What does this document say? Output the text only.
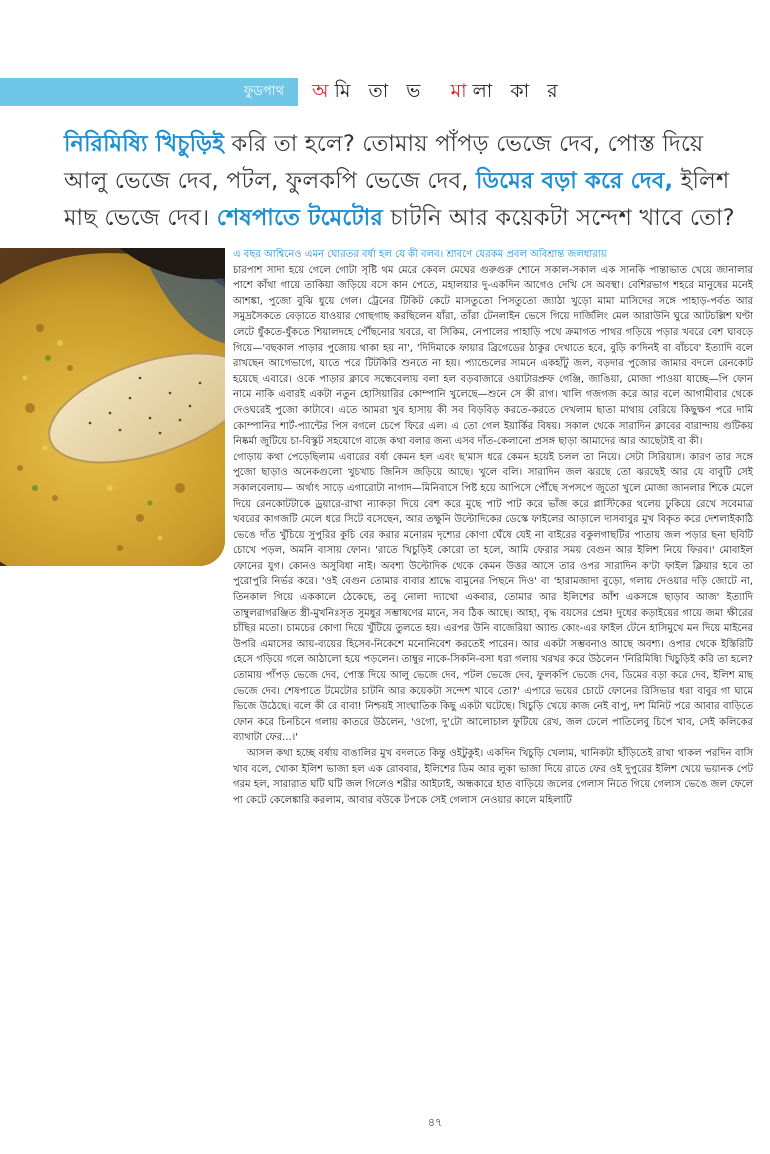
ফুডপাথ	অমি তা ভ মালা কা র
নিরিমিষ্যি খিচুড়িই করি তা হলে? তোমায় পাঁপড় ভেজে দেব, পোস্ত দিয়ে আলু ভেজে দেব, পটল, ফুলকপি ভেজে দেব, ডিমের বড়া করে দেব, ইলিশ মাছ ভেজে দেব। শেষপাতে টমেটোর চাটনি আর কয়েকটা সন্দেশ খাবে তো?

এ বছর আশ্বিনেও এমন ঘোরতর বর্ষা হল যে কী বলব। শ্রাবণে যেরকম প্রবল অবিশ্রান্ত জলধারায়

চারপাশ সাদা হয়ে গেলে গোটা সৃষ্টি থম মেরে কেবল মেঘের গুরুগুরু শোনে সকাল-সকাল এক সানকি পান্তাভাত খেয়ে জানালার পাশে কাঁথা গায়ে তাকিয়া জড়িয়ে বসে কান পেতে, মহালয়ার দু-একদিন আগেও দেখি সে অবস্থা। বেশিরভাগ শহরে মানুষের মনেই আশঙ্কা, পুজো বুঝি ধুয়ে গেল। ট্রেনের টিকিট কেটে মাসতুতো পিসতুতো জ্যাঠা খুড়ো মামা মাসিদের সঙ্গে পাহাড়-পর্বত আর সমুদ্রসৈকতে বেড়াতে যাওয়ার গোছগাছ করছিলেন যাঁরা, তাঁরা টেনলাইন ভেসে গিয়ে দার্জিলিং মেল আরাউনি ঘুরে আটচল্লিশ ঘণ্টা লেটে ধুঁকতে-ধুঁকতে শিয়ালদহে পৌঁছনোর খবরে, বা সিকিম, নেপালের পাহাড়ি পথে ক্রমাগত পাথর গড়িয়ে পড়ার খবরে বেশ ঘাবড়ে গিয়ে—'বছকাল পাড়ার পুজোয় থাকা হয় না', 'দিদিমাকে ফায়ার ব্রিগেডের ঠাকুর দেখাতে হবে, বুড়ি ক'দিনই বা বাঁচবে' ইত্যাদি বলে রাখছেন আগেভাগে, যাতে পরে টিটকিরি শুনতে না হয়। প্যান্ডেলের সামনে একহাঁটু জল, বড়দার পুজোর জামার বদলে রেনকোট হয়েছে এবারে। ওকে পাড়ার ক্লাবে সন্ধেবেলায় বলা হল বড়বাজারে ওয়াটারপ্রুফ গেঞ্জি, জাঙিয়া, মোজা পাওয়া যাচ্ছে—পি ফোন নামে নাকি এবারই একটা নতুন হোসিয়ারির কোম্পানি খুলেছে—শুনে সে কী রাগ। খালি গজগজ করে আর বলে আগামীবার থেকে দেওঘরেই পুজো কাটাবে। এতে আমরা খুব হাসায় কী সব বিড়বিড় করতে-করতে দেখলাম ছাতা মাথায় বেরিয়ে কিছুক্ষণ পরে দামি কোম্পানির শার্ট-প্যান্টের পিস বগলে চেপে ফিরে এল। এ তো গেল ইয়ার্কির বিষয়। সকাল থেকে সারাদিন ক্লাবের বারান্দায় গুটিকয় নিষ্কর্মা জুটিয়ে চা-বিস্কুট সহযোগে বাজে কথা বলার জন্য এসব দাঁত-কেলানো প্রসঙ্গ ছাড়া আমাদের আর আছেটাই বা কী।

গোড়ায় কথা পেড়েছিলাম এবারের বর্ষা কেমন হল এবং ছ'মাস ধরে কেমন হয়েই চলল তা নিয়ে। সেটা সিরিয়াস। কারণ তার সঙ্গে পুজো ছাড়াও অনেকগুলো খুচখাচ জিনিস জড়িয়ে আছে। খুলে বলি। সারাদিন জল ঝরছে তো ঝরছেই আর যে বাবুটি সেই সকালবেলায়— অর্থাৎ সাড়ে এগারোটা নাগাদ—মিনিবাসে পিষ্ট হয়ে আপিসে পৌঁছে সপসপে জুতো খুলে মোজা জানলার শিকে মেলে দিয়ে রেনকোটটাকে ড্রয়ারে-রাখা ন্যাকড়া দিয়ে বেশ করে মুছে পাট পাট করে ভাঁজ করে প্লাস্টিকের থলেয় ঢুকিয়ে রেখে সবেমাত্র খবরের কাগজটি মেলে ধরে সিটে বসেছেন, আর তক্ষুনি উল্টোদিকের ডেস্কে ফাইলের আড়ালে দাসবাবুর মুখ বিকৃত করে দেশলাইকাঠি ভেঙে দাঁত খুঁচিয়ে সুপুরির কুচি বের করার মনোরম দৃশ্যের কোণা ঘেঁষে যেই না বাইরের বকুলগাছটির পাতায় জল পড়ার ছনা ছবিটি চোখে পড়ল, অমনি বাসায় ফোন। 'রাতে খিচুড়িই কোরো তা হলে, আমি ফেরার সময় বেগুন আর ইলিশ নিয়ে ফিরব।' মোবাইল ফোনের যুগ। কোনও অসুবিধা নাই। অবশ্য উল্টোদিক থেকে কেমন উত্তর আসে তার ওপর সারাদিন ক'টা ফাইল ক্লিয়ার হবে তা পুরোপুরি নির্ভর করে। 'ওই বেগুন তোমার বাবার শ্রাদ্ধে বামুনের পিছনে দিও' বা 'হারামজাদা বুড়ো, গলায় দেওয়ার দড়ি জোটে না, তিনকাল গিয়ে এককালে ঠেকেছে, তবু নোলা দ্যাখো একবার, তোমার আর ইলিশের আঁশ একসঙ্গে ছাড়াব আজ' ইত্যাদি তাম্বুলরাগরঞ্জিত স্ত্রী-মুখনিঃসৃত সুমধুর সম্ভাষণের মানে, সব ঠিক আছে। আহা, বৃদ্ধ বয়সের প্রেম! দুধের কড়াইয়ের গায়ে জমা ক্ষীরের চাঁছির মতো। চামচের কোণা দিয়ে খুঁটিয়ে তুলতে হয়। এরপর উনি বাজেরিয়া অ্যান্ড কোং-এর ফাইল টেনে হাসিমুখে মন দিয়ে মাইনের উপরি এমাসের আয়-ব্যয়ের হিসেব-নিকেশে মনোনিবেশ করতেই পারেন। আর একটা সম্ভবনাও আছে অবশ্য। ওপার থেকে ইস্তিরিটি হেসে গড়িয়ে গলে আঠালো হয়ে পড়লেন। তাম্বুর নাকে-সিকনি-বসা ধরা গলায় খরখর করে উঠলেন 'নিরিমিষ্যি খিচুড়িই করি তা হলে? তোমায় পাঁপড় ভেজে দেব, পোস্ত দিয়ে আলু ভেজে দেব, পটল ভেজে দেব, ফুলকপি ভেজে দেব, ডিমের বড়া করে দেব, ইলিশ মাছ ভেজে দেব। শেষপাতে টমেটোর চাটনি আর কয়েকটা সন্দেশ খাবে তো?' এপারে ভয়ের চোটে ফোনের রিসিভার ধরা বাবুর গা ঘামে ভিজে উঠেছে। বলে কী রে বাবা! নিশ্চয়ই সাংঘাতিক কিছু একটা ঘটেছে। খিচুড়ি খেয়ে কাজ নেই বাপু, দশ মিনিট পরে আবার বাড়িতে ফোন করে চিনচিনে গলায় কাতরে উঠলেন, 'ওগো, দু'টো আলোচাল ফুটিয়ে রেখ, জল ঢেলে পাতিলেবু চিপে খাব, সেই কলিকের ব্যাথাটা ফের...।'

আসল কথা হচ্ছে বর্ষায় বাঙালির মুখ বদলতে কিন্তু ওইটুকুই। একদিন খিচুড়ি খেলাম, খানিকটা হাঁড়িতেই রাখা থাকল পরদিন বাসি খাব বলে, খোকা ইলিশ ভাজা হল এক রোববার, ইলিশের ডিম আর লুকা ভাজা দিয়ে রাতে ফের ওই দুপুরের ইলিশ খেয়ে ভয়ানক পেট গরম হল, সারারাত ঘটি ঘটি জল গিলেও শরীর আইঢাই, অন্ধকারে হাত বাড়িয়ে জলের গেলাস নিতে গিয়ে গেলাস ভেঙে জল ফেলে পা কেটে কেলেঙ্কারি করলাম, আবার বউকে টপকে সেই গেলাস নেওয়ার কালে মহিলাটি

৪৭
